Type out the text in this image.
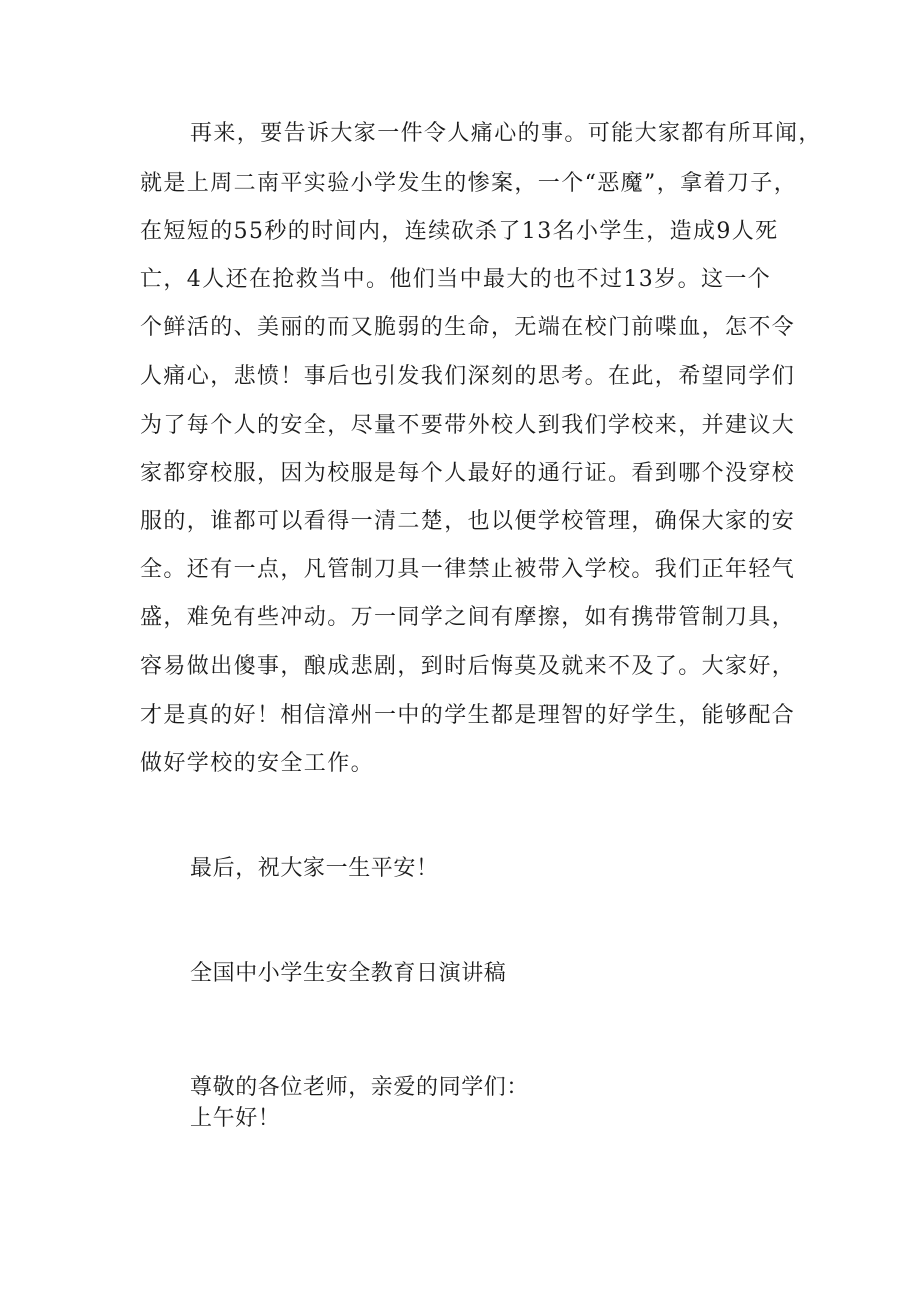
再来，要告诉大家一件令人痛心的事。可能大家都有所耳闻，
就是上周二南平实验小学发生的惨案，一个“恶魔”，拿着刀子，
在短短的55秒的时间内，连续砍杀了13名小学生，造成9人死
亡，4人还在抢救当中。他们当中最大的也不过13岁。这一个
个鲜活的、美丽的而又脆弱的生命，无端在校门前喋血，怎不令
人痛心，悲愤！事后也引发我们深刻的思考。在此，希望同学们
为了每个人的安全，尽量不要带外校人到我们学校来，并建议大
家都穿校服，因为校服是每个人最好的通行证。看到哪个没穿校
服的，谁都可以看得一清二楚，也以便学校管理，确保大家的安
全。还有一点，凡管制刀具一律禁止被带入学校。我们正年轻气
盛，难免有些冲动。万一同学之间有摩擦，如有携带管制刀具，
容易做出傻事，酿成悲剧，到时后悔莫及就来不及了。大家好，
才是真的好！相信漳州一中的学生都是理智的好学生，能够配合
做好学校的安全工作。
最后，祝大家一生平安！
全国中小学生安全教育日演讲稿
尊敬的各位老师，亲爱的同学们：
上午好！
